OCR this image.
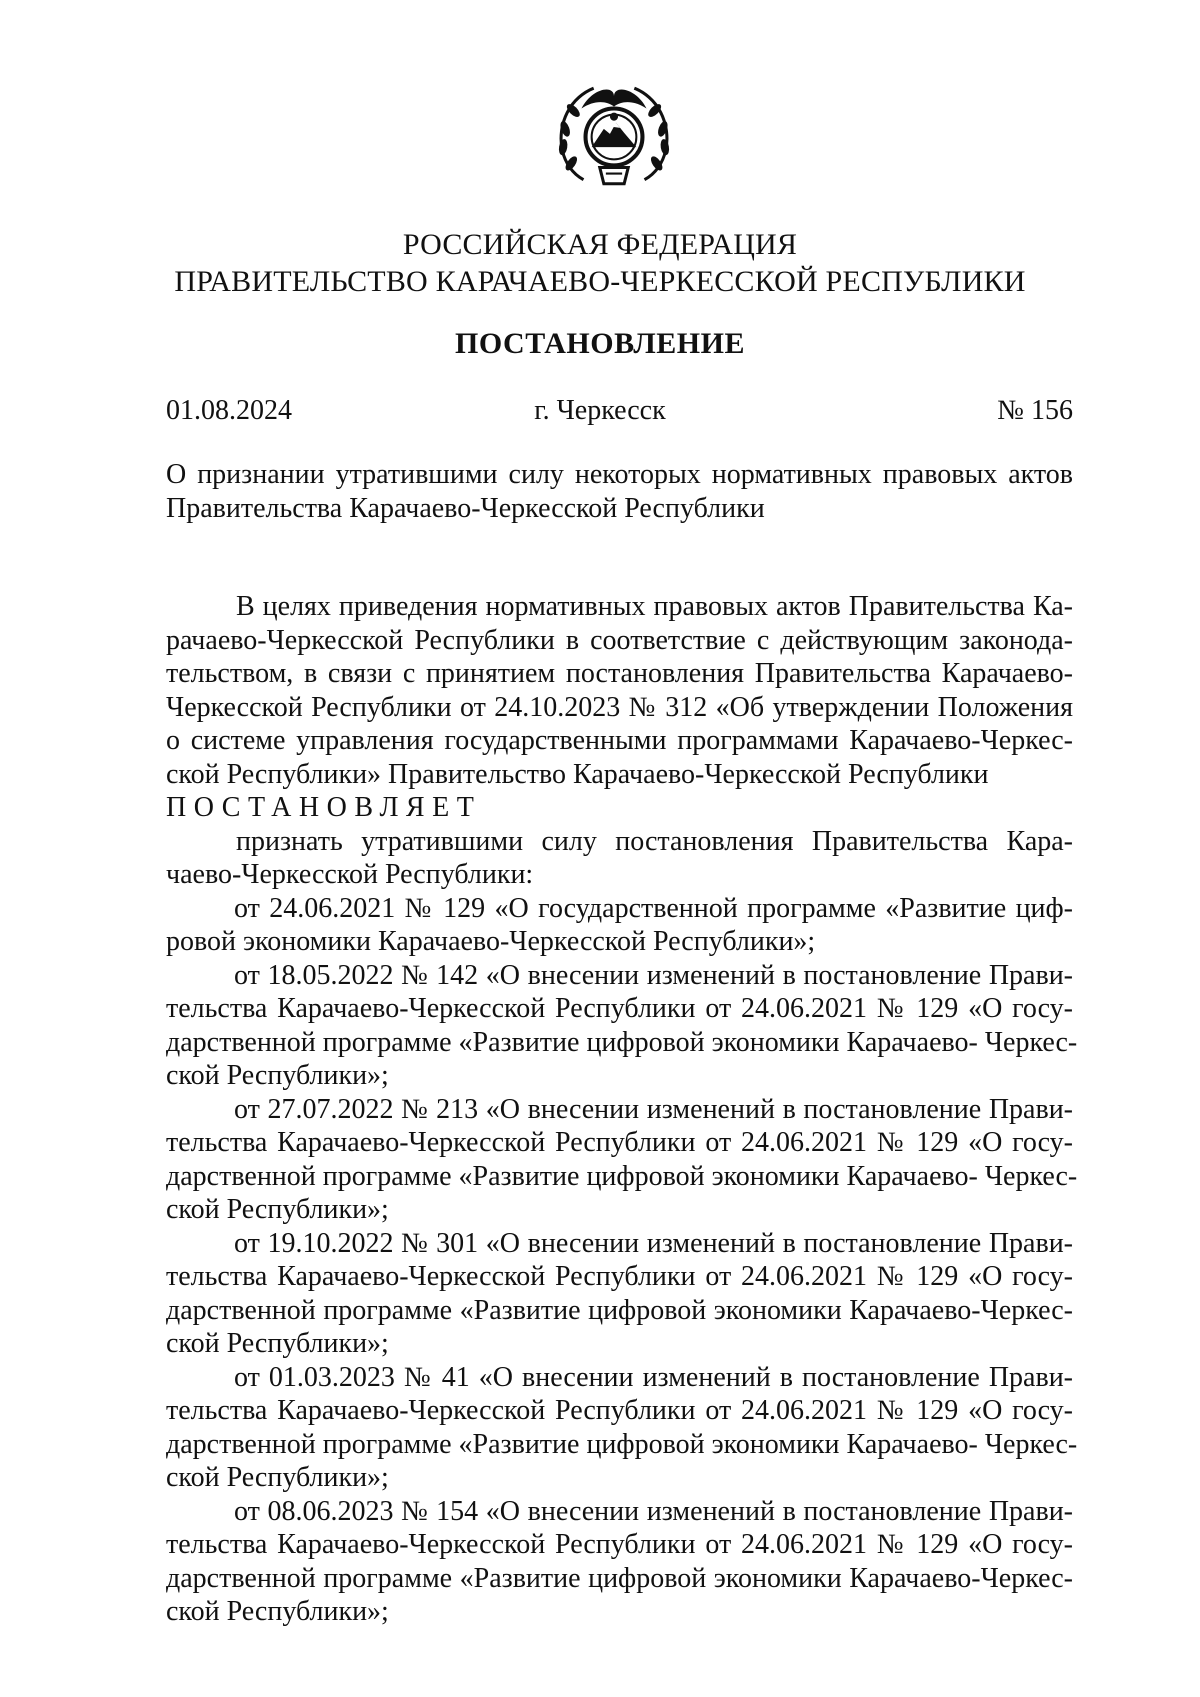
РОССИЙСКАЯ ФЕДЕРАЦИЯ
ПРАВИТЕЛЬСТВО КАРАЧАЕВО-ЧЕРКЕССКОЙ РЕСПУБЛИКИ
ПОСТАНОВЛЕНИЕ
01.08.2024	г. Черкесск	№ 156
О признании утратившими силу некоторых нормативных правовых актов
Правительства Карачаево-Черкесской Республики
В целях приведения нормативных правовых актов Правительства Ка-
рачаево-Черкесской Республики в соответствие с действующим законода-
тельством, в связи с принятием постановления Правительства Карачаево-
Черкесской Республики от 24.10.2023 № 312 «Об утверждении Положения
о системе управления государственными программами Карачаево-Черкес-
ской Республики» Правительство Карачаево-Черкесской Республики
ПОСТАНОВЛЯЕТ
признать утратившими силу постановления Правительства Кара-
чаево-Черкесской Республики:
от 24.06.2021 № 129 «О государственной программе «Развитие циф-
ровой экономики Карачаево-Черкесской Республики»;
от 18.05.2022 № 142 «О внесении изменений в постановление Прави-
тельства Карачаево-Черкесской Республики от 24.06.2021 № 129 «О госу-
дарственной программе «Развитие цифровой экономики Карачаево- Черкес-
ской Республики»;
от 27.07.2022 № 213 «О внесении изменений в постановление Прави-
тельства Карачаево-Черкесской Республики от 24.06.2021 № 129 «О госу-
дарственной программе «Развитие цифровой экономики Карачаево- Черкес-
ской Республики»;
от 19.10.2022 № 301 «О внесении изменений в постановление Прави-
тельства Карачаево-Черкесской Республики от 24.06.2021 № 129 «О госу-
дарственной программе «Развитие цифровой экономики Карачаево-Черкес-
ской Республики»;
от 01.03.2023 № 41 «О внесении изменений в постановление Прави-
тельства Карачаево-Черкесской Республики от 24.06.2021 № 129 «О госу-
дарственной программе «Развитие цифровой экономики Карачаево- Черкес-
ской Республики»;
от 08.06.2023 № 154 «О внесении изменений в постановление Прави-
тельства Карачаево-Черкесской Республики от 24.06.2021 № 129 «О госу-
дарственной программе «Развитие цифровой экономики Карачаево-Черкес-
ской Республики»;
